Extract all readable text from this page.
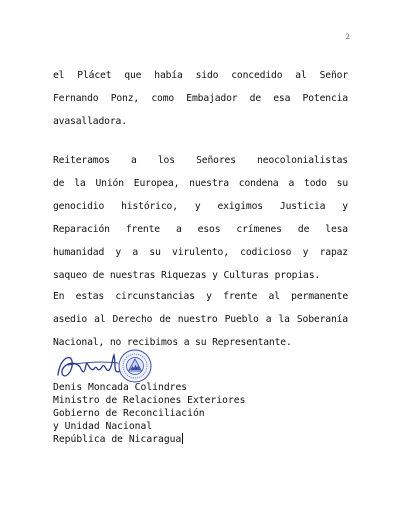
2
el Plácet que había sido concedido al Señor
Fernando Ponz, como Embajador de esa Potencia
avasalladora.
Reiteramos a los Señores neocolonialistas
de la Unión Europea, nuestra condena a todo su
genocidio histórico, y exigimos Justicia y
Reparación frente a esos crímenes de lesa
humanidad y a su virulento, codicioso y rapaz
saqueo de nuestras Riquezas y Culturas propias.
En estas circunstancias y frente al permanente
asedio al Derecho de nuestro Pueblo a la Soberanía
Nacional, no recibimos a su Representante.
Denis Moncada Colindres
Ministro de Relaciones Exteriores
Gobierno de Reconciliación
y Unidad Nacional
República de Nicaragua
